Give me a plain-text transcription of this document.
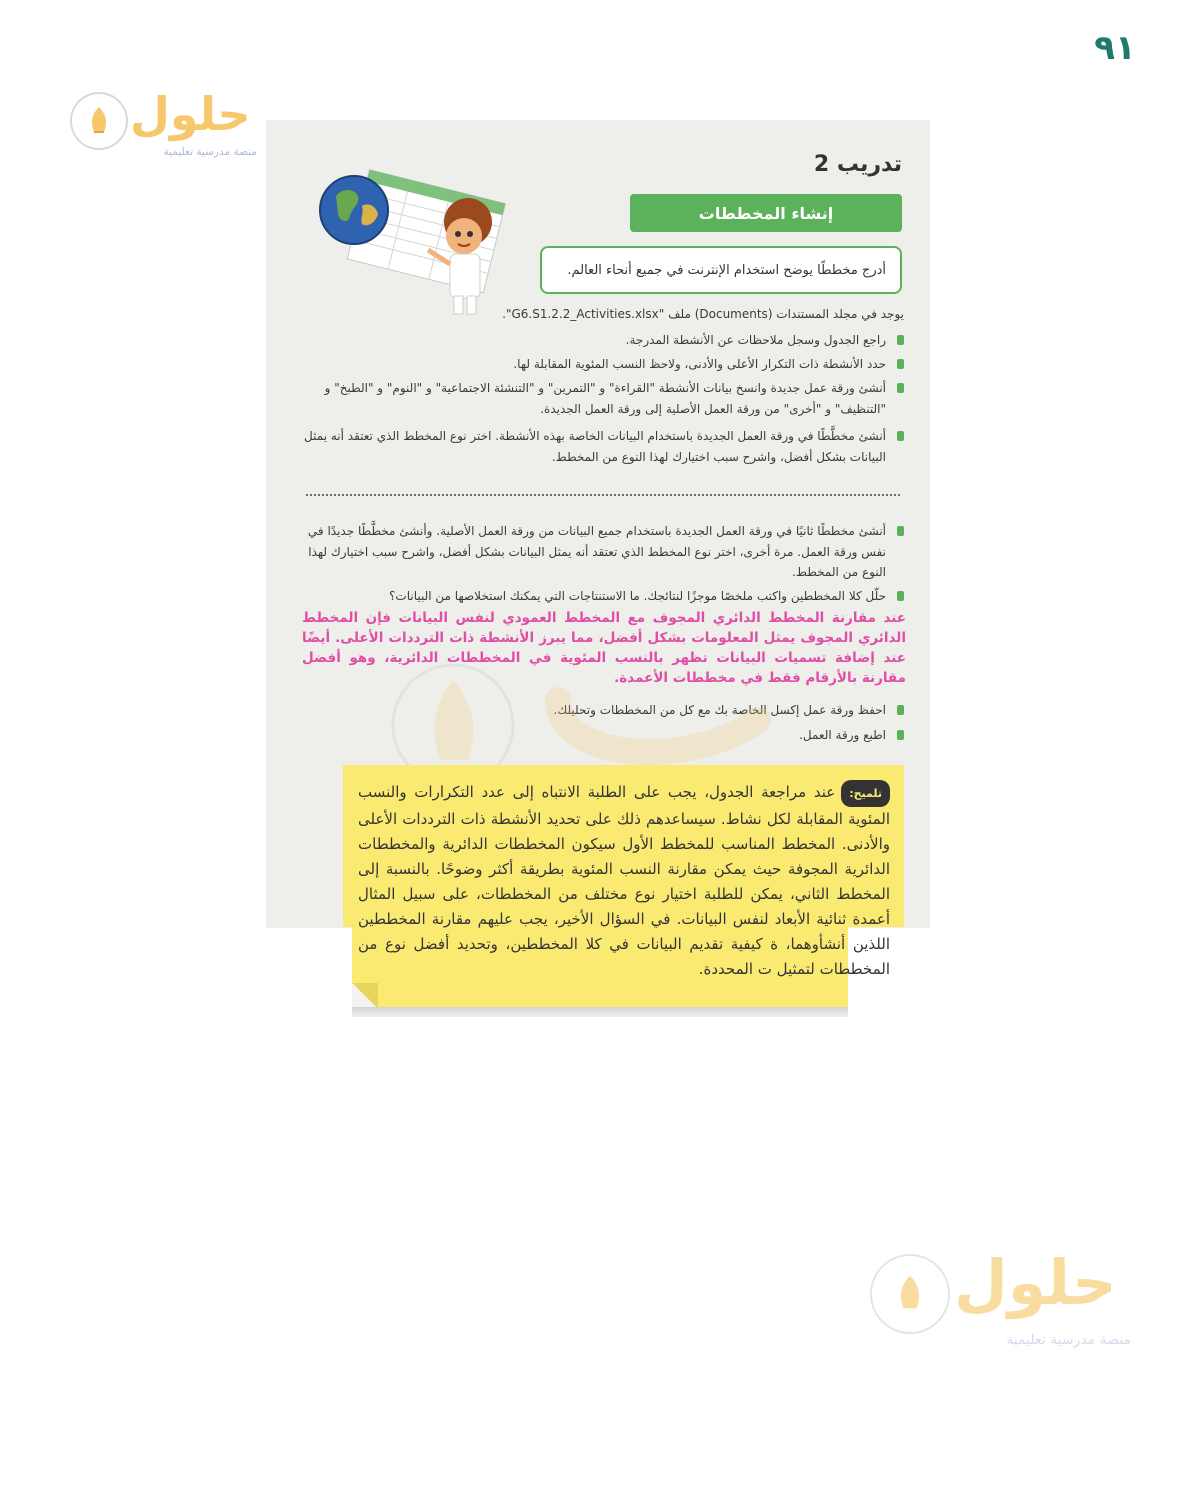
٩١
حلول
منصة مدرسية تعليمية	تدريب 2
إنشاء المخططات
أدرج مخططًا يوضح استخدام الإنترنت في جميع أنحاء العالم.
يوجد في مجلد المستندات (Documents) ملف "G6.S1.2.2_Activities.xlsx".
راجع الجدول وسجل ملاحظات عن الأنشطة المدرجة.
حدد الأنشطة ذات التكرار الأعلى والأدنى، ولاحظ النسب المئوية المقابلة لها.
أنشئ ورقة عمل جديدة وانسخ بيانات الأنشطة "القراءة" و "التمرين" و "التنشئة الاجتماعية" و "النوم" و "الطبخ" و "التنظيف" و "أخرى" من ورقة العمل الأصلية إلى ورقة العمل الجديدة.
أنشئ مخطَّطًا في ورقة العمل الجديدة باستخدام البيانات الخاصة بهذه الأنشطة. اختر نوع المخطط الذي تعتقد أنه يمثل البيانات بشكل أفضل، واشرح سبب اختيارك لهذا النوع من المخطط.
أنشئ مخططًا ثانيًا في ورقة العمل الجديدة باستخدام جميع البيانات من ورقة العمل الأصلية. وأنشئ مخطَّطًا جديدًا في نفس ورقة العمل. مرة أخرى، اختر نوع المخطط الذي تعتقد أنه يمثل البيانات بشكل أفضل، واشرح سبب اختيارك لهذا النوع من المخطط.
حلّل كلا المخططين واكتب ملخصًا موجزًا لنتائجك. ما الاستنتاجات التي يمكنك استخلاصها من البيانات؟
عند مقارنة المخطط الدائري المجوف مع المخطط العمودي لنفس البيانات فإن المخطط الدائري المجوف يمثل المعلومات بشكل أفضل، مما يبرز الأنشطة ذات الترددات الأعلى. أيضًا عند إضافة تسميات البيانات تظهر بالنسب المئوية في المخططات الدائرية، وهو أفضل مقارنة بالأرقام فقط في مخططات الأعمدة.
احفظ ورقة عمل إكسل الخاصة بك مع كل من المخططات وتحليلك.
اطبع ورقة العمل.
تلميح:عند مراجعة الجدول، يجب على الطلبة الانتباه إلى عدد التكرارات والنسب المئوية المقابلة لكل نشاط. سيساعدهم ذلك على تحديد الأنشطة ذات الترددات الأعلى والأدنى. المخطط المناسب للمخطط الأول سيكون المخططات الدائرية والمخططات الدائرية المجوفة حيث يمكن مقارنة النسب المئوية بطريقة أكثر وضوحًا. بالنسبة إلى المخطط الثاني، يمكن للطلبة اختيار نوع مختلف من المخططات، على سبيل المثال أعمدة ثنائية الأبعاد لنفس البيانات. في السؤال الأخير، يجب عليهم مقارنة المخططين اللذين أنشأوهما، ة كيفية تقديم البيانات في كلا المخططين، وتحديد أفضل نوع من المخططات لتمثيل ت المحددة.
حلول
منصة مدرسية تعليمية
